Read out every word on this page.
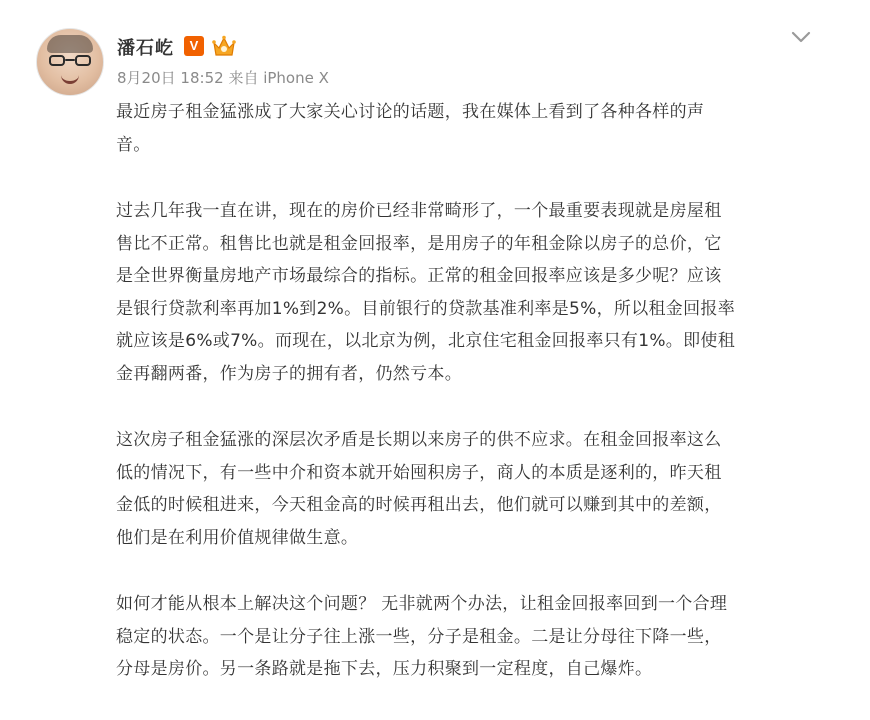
潘石屹	V
8月20日 18:52 来自 iPhone X

最近房子租金猛涨成了大家关心讨论的话题，我在媒体上看到了各种各样的声
音。

过去几年我一直在讲，现在的房价已经非常畸形了，一个最重要表现就是房屋租
售比不正常。租售比也就是租金回报率，是用房子的年租金除以房子的总价，它
是全世界衡量房地产市场最综合的指标。正常的租金回报率应该是多少呢？应该
是银行贷款利率再加1%到2%。目前银行的贷款基准利率是5%，所以租金回报率
就应该是6%或7%。而现在，以北京为例，北京住宅租金回报率只有1%。即使租
金再翻两番，作为房子的拥有者，仍然亏本。

这次房子租金猛涨的深层次矛盾是长期以来房子的供不应求。在租金回报率这么
低的情况下，有一些中介和资本就开始囤积房子，商人的本质是逐利的，昨天租
金低的时候租进来，今天租金高的时候再租出去，他们就可以赚到其中的差额，
他们是在利用价值规律做生意。

如何才能从根本上解决这个问题？ 无非就两个办法，让租金回报率回到一个合理
稳定的状态。一个是让分子往上涨一些，分子是租金。二是让分母往下降一些，
分母是房价。另一条路就是拖下去，压力积聚到一定程度，自己爆炸。
